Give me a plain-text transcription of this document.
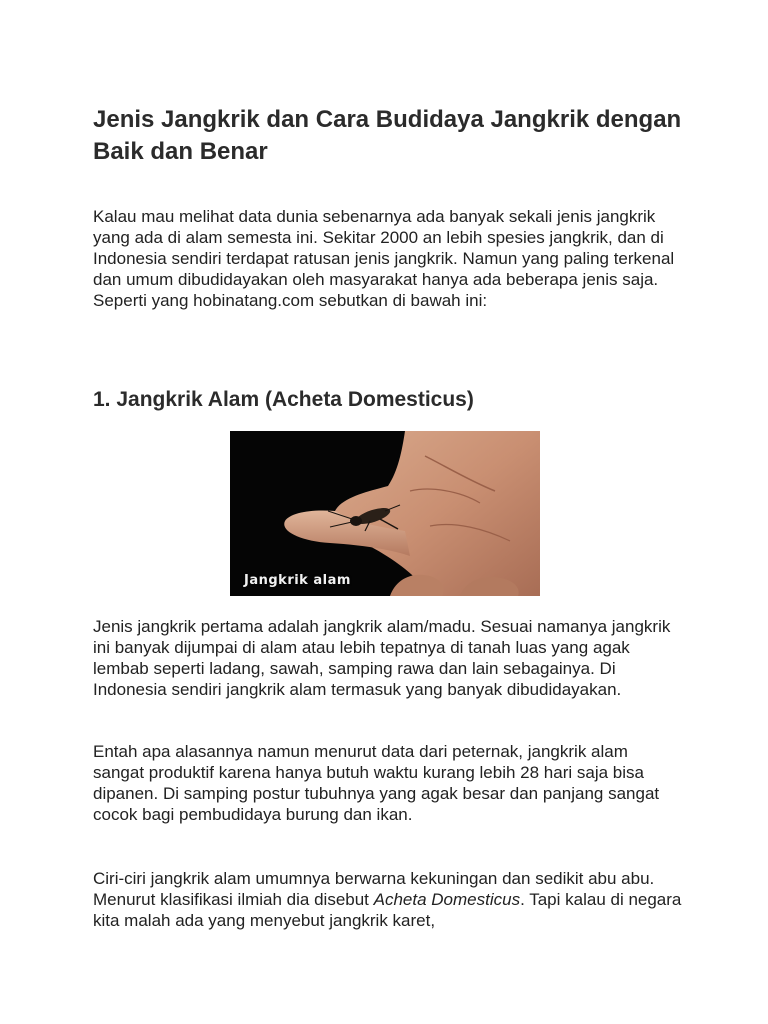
Jenis Jangkrik dan Cara Budidaya Jangkrik dengan Baik dan Benar

Kalau mau melihat data dunia sebenarnya ada banyak sekali jenis jangkrik yang ada di alam semesta ini. Sekitar 2000 an lebih spesies jangkrik, dan di Indonesia sendiri terdapat ratusan jenis jangkrik. Namun yang paling terkenal dan umum dibudidayakan oleh masyarakat hanya ada beberapa jenis saja. Seperti yang hobinatang.com sebutkan di bawah ini:

1. Jangkrik Alam (Acheta Domesticus)
Jangkrik alam

Jenis jangkrik pertama adalah jangkrik alam/madu. Sesuai namanya jangkrik ini banyak dijumpai di alam atau lebih tepatnya di tanah luas yang agak lembab seperti ladang, sawah, samping rawa dan lain sebagainya. Di Indonesia sendiri jangkrik alam termasuk yang banyak dibudidayakan.

Entah apa alasannya namun menurut data dari peternak, jangkrik alam sangat produktif karena hanya butuh waktu kurang lebih 28 hari saja bisa dipanen. Di samping postur tubuhnya yang agak besar dan panjang sangat cocok bagi pembudidaya burung dan ikan.

Ciri-ciri jangkrik alam umumnya berwarna kekuningan dan sedikit abu abu. Menurut klasifikasi ilmiah dia disebut Acheta Domesticus. Tapi kalau di negara kita malah ada yang menyebut jangkrik karet,
